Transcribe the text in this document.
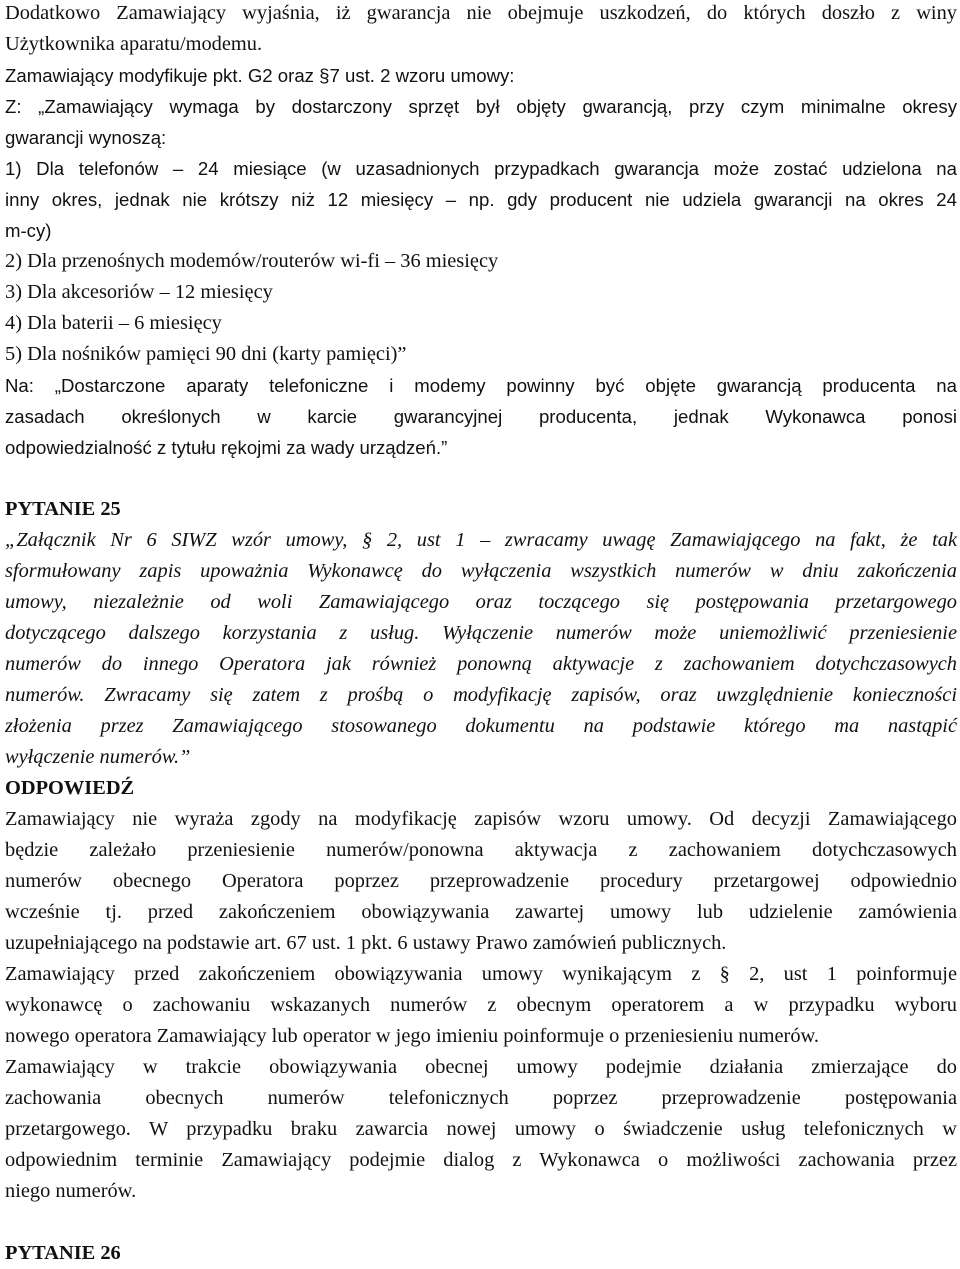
Dodatkowo Zamawiający wyjaśnia, iż gwarancja nie obejmuje uszkodzeń, do których doszło z winy
Użytkownika aparatu/modemu.
Zamawiający modyfikuje pkt. G2 oraz §7 ust. 2 wzoru umowy:
Z: „Zamawiający wymaga by dostarczony sprzęt był objęty gwarancją, przy czym minimalne okresy
gwarancji wynoszą:
1) Dla telefonów – 24 miesiące (w uzasadnionych przypadkach gwarancja może zostać udzielona na
inny okres, jednak nie krótszy niż 12 miesięcy – np. gdy producent nie udziela gwarancji na okres 24
m-cy)
2) Dla przenośnych modemów/routerów wi-fi – 36 miesięcy
3) Dla akcesoriów – 12 miesięcy
4) Dla baterii – 6 miesięcy
5) Dla nośników pamięci 90 dni (karty pamięci)”
Na: „Dostarczone aparaty telefoniczne i modemy powinny być objęte gwarancją producenta na
zasadach określonych w karcie gwarancyjnej producenta, jednak Wykonawca ponosi
odpowiedzialność z tytułu rękojmi za wady urządzeń.”
PYTANIE 25
„Załącznik Nr 6 SIWZ wzór umowy, § 2, ust 1 – zwracamy uwagę Zamawiającego na fakt, że tak
sformułowany zapis upoważnia Wykonawcę do wyłączenia wszystkich numerów w dniu zakończenia
umowy, niezależnie od woli Zamawiającego oraz toczącego się postępowania przetargowego
dotyczącego dalszego korzystania z usług. Wyłączenie numerów może uniemożliwić przeniesienie
numerów do innego Operatora jak również ponowną aktywacje z zachowaniem dotychczasowych
numerów. Zwracamy się zatem z prośbą o modyfikację zapisów, oraz uwzględnienie konieczności
złożenia przez Zamawiającego stosowanego dokumentu na podstawie którego ma nastąpić
wyłączenie numerów.”
ODPOWIEDŹ
Zamawiający nie wyraża zgody na modyfikację zapisów wzoru umowy. Od decyzji Zamawiającego
będzie zależało przeniesienie numerów/ponowna aktywacja z zachowaniem dotychczasowych
numerów obecnego Operatora poprzez przeprowadzenie procedury przetargowej odpowiednio
wcześnie tj. przed zakończeniem obowiązywania zawartej umowy lub udzielenie zamówienia
uzupełniającego na podstawie art. 67 ust. 1 pkt. 6 ustawy Prawo zamówień publicznych.
Zamawiający przed zakończeniem obowiązywania umowy wynikającym z § 2, ust 1 poinformuje
wykonawcę o zachowaniu wskazanych numerów z obecnym operatorem a w przypadku wyboru
nowego operatora Zamawiający lub operator w jego imieniu poinformuje o przeniesieniu numerów.
Zamawiający w trakcie obowiązywania obecnej umowy podejmie działania zmierzające do
zachowania obecnych numerów telefonicznych poprzez przeprowadzenie postępowania
przetargowego. W przypadku braku zawarcia nowej umowy o świadczenie usług telefonicznych w
odpowiednim terminie Zamawiający podejmie dialog z Wykonawca o możliwości zachowania przez
niego numerów.
PYTANIE 26
